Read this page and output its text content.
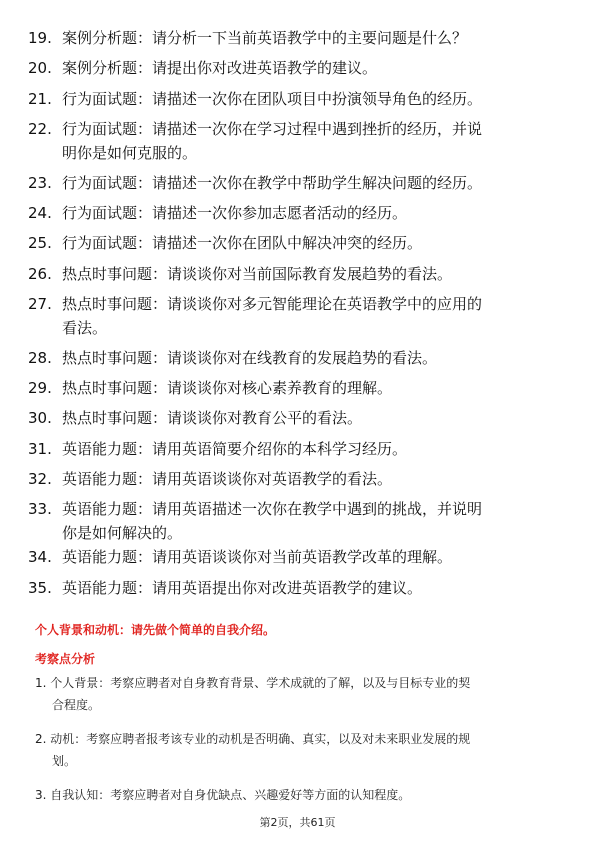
19. 案例分析题：请分析一下当前英语教学中的主要问题是什么？
20. 案例分析题：请提出你对改进英语教学的建议。
21. 行为面试题：请描述一次你在团队项目中扮演领导角色的经历。
22. 行为面试题：请描述一次你在学习过程中遇到挫折的经历，并说
明你是如何克服的。
23. 行为面试题：请描述一次你在教学中帮助学生解决问题的经历。
24. 行为面试题：请描述一次你参加志愿者活动的经历。
25. 行为面试题：请描述一次你在团队中解决冲突的经历。
26. 热点时事问题：请谈谈你对当前国际教育发展趋势的看法。
27. 热点时事问题：请谈谈你对多元智能理论在英语教学中的应用的
看法。
28. 热点时事问题：请谈谈你对在线教育的发展趋势的看法。
29. 热点时事问题：请谈谈你对核心素养教育的理解。
30. 热点时事问题：请谈谈你对教育公平的看法。
31. 英语能力题：请用英语简要介绍你的本科学习经历。
32. 英语能力题：请用英语谈谈你对英语教学的看法。
33. 英语能力题：请用英语描述一次你在教学中遇到的挑战，并说明
你是如何解决的。
34. 英语能力题：请用英语谈谈你对当前英语教学改革的理解。
35. 英语能力题：请用英语提出你对改进英语教学的建议。
个人背景和动机：请先做个简单的自我介绍。
考察点分析
1. 个人背景：考察应聘者对自身教育背景、学术成就的了解，以及与目标专业的契
合程度。
2. 动机：考察应聘者报考该专业的动机是否明确、真实，以及对未来职业发展的规
划。
3. 自我认知：考察应聘者对自身优缺点、兴趣爱好等方面的认知程度。
第2页，共61页
